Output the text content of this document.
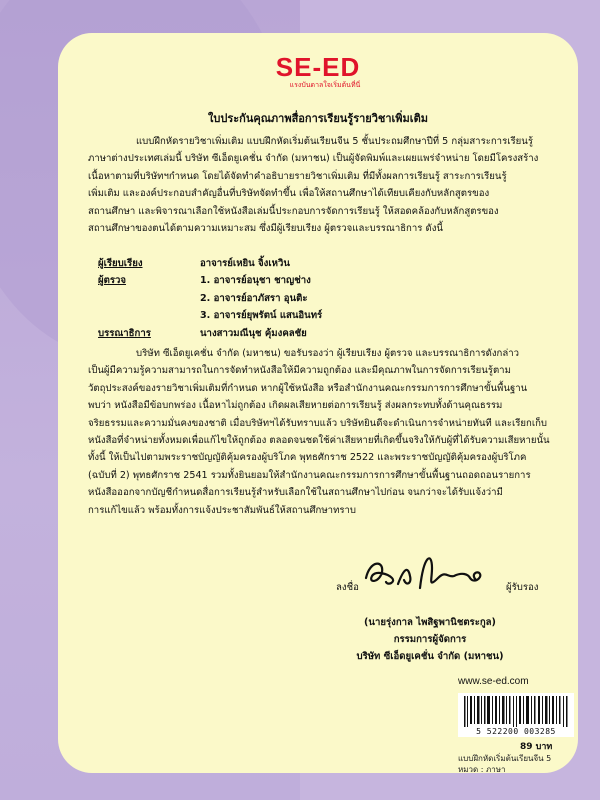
SE-ED
แรงบันดาลใจเริ่มต้นที่นี่
ใบประกันคุณภาพสื่อการเรียนรู้รายวิชาเพิ่มเติม
แบบฝึกหัดรายวิชาเพิ่มเติม แบบฝึกหัดเริ่มต้นเรียนจีน 5 ชั้นประถมศึกษาปีที่ 5 กลุ่มสาระการเรียนรู้
ภาษาต่างประเทศเล่มนี้ บริษัท ซีเอ็ดยูเคชั่น จำกัด (มหาชน) เป็นผู้จัดพิมพ์และเผยแพร่จำหน่าย โดยมีโครงสร้าง
เนื้อหาตามที่บริษัทฯกำหนด โดยได้จัดทำคำอธิบายรายวิชาเพิ่มเติม ที่มีทั้งผลการเรียนรู้ สาระการเรียนรู้
เพิ่มเติม และองค์ประกอบสำคัญอื่นที่บริษัทจัดทำขึ้น เพื่อให้สถานศึกษาได้เทียบเคียงกับหลักสูตรของ
สถานศึกษา และพิจารณาเลือกใช้หนังสือเล่มนี้ประกอบการจัดการเรียนรู้ ให้สอดคล้องกับหลักสูตรของ
สถานศึกษาของตนได้ตามความเหมาะสม ซึ่งมีผู้เรียบเรียง ผู้ตรวจและบรรณาธิการ ดังนี้
ผู้เรียบเรียง	อาจารย์เหยิน จิ้งเหวิน
ผู้ตรวจ	1. อาจารย์อนุชา ชาญช่าง
2. อาจารย์อาภัสรา อุนติะ
3. อาจารย์ยุพรัตน์ แสนอินทร์
บรรณาธิการ	นางสาวมณีนุช คุ้มงคลชัย
บริษัท ซีเอ็ดยูเคชั่น จำกัด (มหาชน) ขอรับรองว่า ผู้เรียบเรียง ผู้ตรวจ และบรรณาธิการดังกล่าว
เป็นผู้มีความรู้ความสามารถในการจัดทำหนังสือให้มีความถูกต้อง และมีคุณภาพในการจัดการเรียนรู้ตาม
วัตถุประสงค์ของรายวิชาเพิ่มเติมที่กำหนด หากผู้ใช้หนังสือ หรือสำนักงานคณะกรรมการการศึกษาขั้นพื้นฐาน
พบว่า หนังสือมีข้อบกพร่อง เนื้อหาไม่ถูกต้อง เกิดผลเสียหายต่อการเรียนรู้ ส่งผลกระทบทั้งด้านคุณธรรม
จริยธรรมและความมั่นคงของชาติ เมื่อบริษัทฯได้รับทราบแล้ว บริษัทยินดีจะดำเนินการจำหน่ายทันที และเรียกเก็บ
หนังสือที่จำหน่ายทั้งหมดเพื่อแก้ไขให้ถูกต้อง ตลอดจนชดใช้ค่าเสียหายที่เกิดขึ้นจริงให้กับผู้ที่ได้รับความเสียหายนั้น
ทั้งนี้ ให้เป็นไปตามพระราชบัญญัติคุ้มครองผู้บริโภค พุทธศักราช 2522 และพระราชบัญญัติคุ้มครองผู้บริโภค
(ฉบับที่ 2) พุทธศักราช 2541 รวมทั้งยินยอมให้สำนักงานคณะกรรมการการศึกษาขั้นพื้นฐานถอดถอนรายการ
หนังสือออกจากบัญชีกำหนดสื่อการเรียนรู้สำหรับเลือกใช้ในสถานศึกษาไปก่อน จนกว่าจะได้รับแจ้งว่ามี
การแก้ไขแล้ว พร้อมทั้งการแจ้งประชาสัมพันธ์ให้สถานศึกษาทราบ
ลงชื่อ	ผู้รับรอง
(นายรุ่งกาล ไพสิฐพานิชตระกูล)
กรรมการผู้จัดการ
บริษัท ซีเอ็ดยูเคชั่น จำกัด (มหาชน)
www.se-ed.com
5 522200 003285
89 บาท
แบบฝึกหัดเริ่มต้นเรียนจีน 5
หมวด : ภาษา
